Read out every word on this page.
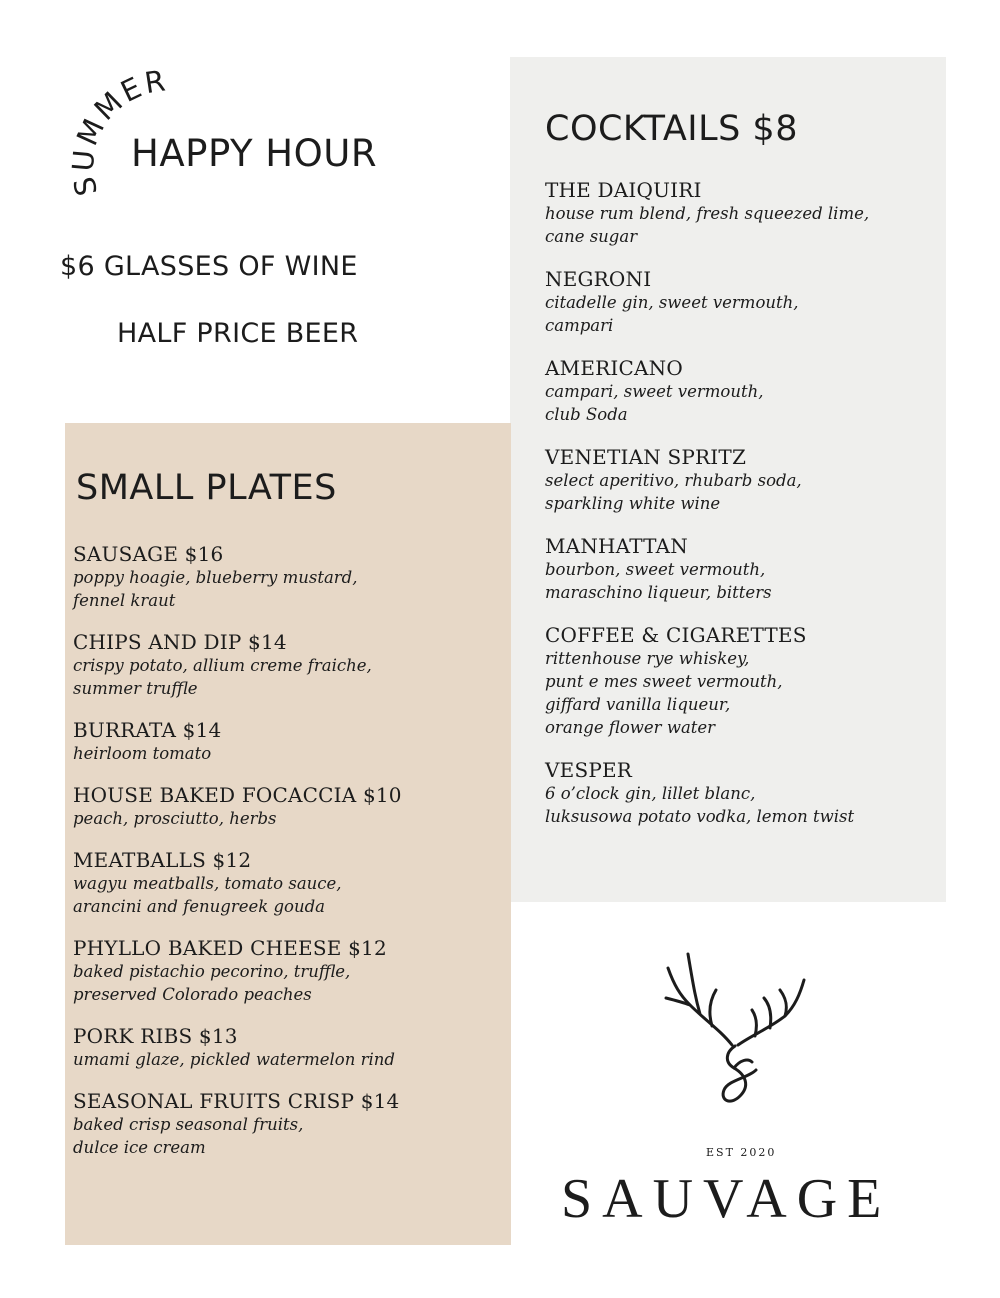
SUMMER
HAPPY HOUR
$6 GLASSES OF WINE
HALF PRICE BEER
COCKTAILS $8
THE DAIQUIRI
house rum blend, fresh squeezed lime,
cane sugar
NEGRONI
citadelle gin, sweet vermouth,
campari
AMERICANO
campari, sweet vermouth,
club Soda
VENETIAN SPRITZ
select aperitivo, rhubarb soda,
sparkling white wine
MANHATTAN
bourbon, sweet vermouth,
maraschino liqueur, bitters
COFFEE & CIGARETTES
rittenhouse rye whiskey,
punt e mes sweet vermouth,
giffard vanilla liqueur,
orange flower water
VESPER
6 o’clock gin, lillet blanc,
luksusowa potato vodka, lemon twist
SMALL PLATES
SAUSAGE $16
poppy hoagie, blueberry mustard,
fennel kraut
CHIPS AND DIP $14
crispy potato, allium creme fraiche,
summer truffle
BURRATA $14
heirloom tomato
HOUSE BAKED FOCACCIA $10
peach, prosciutto, herbs
MEATBALLS $12
wagyu meatballs, tomato sauce,
arancini and fenugreek gouda
PHYLLO BAKED CHEESE $12
baked pistachio pecorino, truffle,
preserved Colorado peaches
PORK RIBS $13
umami glaze, pickled watermelon rind
SEASONAL FRUITS CRISP $14
baked crisp seasonal fruits,
dulce ice cream	EST 2020
SAUVAGE
